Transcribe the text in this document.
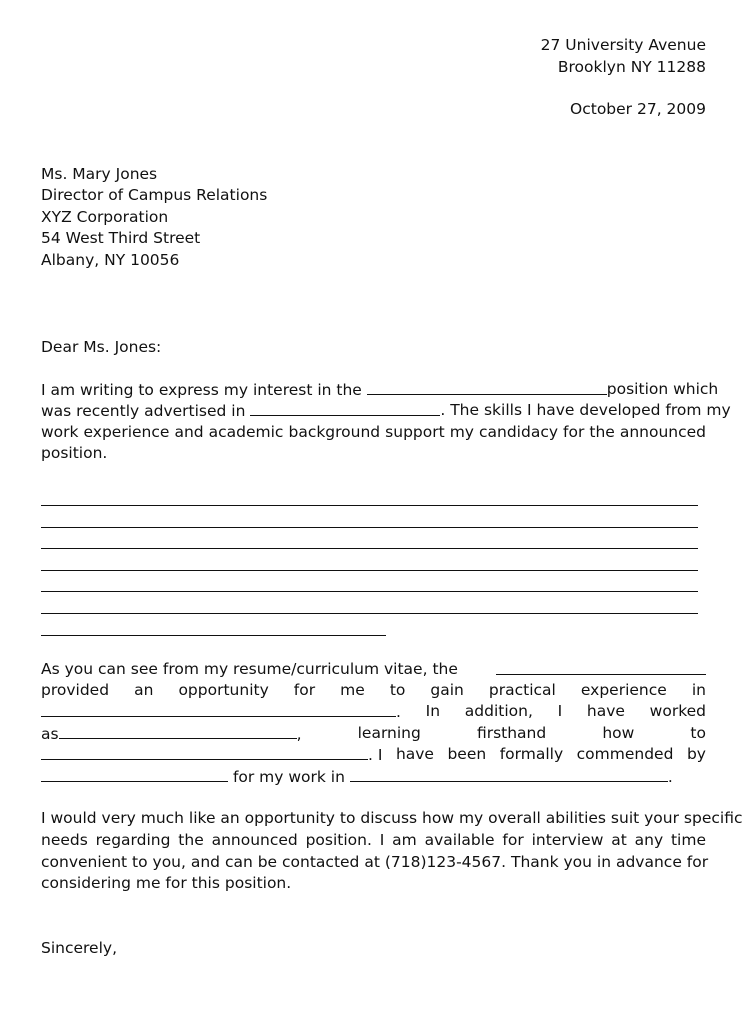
27 University Avenue
Brooklyn NY 11288
October 27, 2009
Ms. Mary Jones
Director of Campus Relations
XYZ Corporation
54 West Third Street
Albany, NY 10056
Dear Ms. Jones:
I am writing to express my interest in the	position which
was recently advertised in	. The skills I have developed from my
work experience and academic background support my candidacy for the announced
position.
As you can see from my resume/curriculum vitae, the
provided an opportunity for me to gain practical experience in
. In addition, I have worked
as	,	learning	firsthand	how	to
. I have been formally commended by
for my work in	.
I would very much like an opportunity to discuss how my overall abilities suit your specific
needs regarding the announced position. I am available for interview at any time
convenient to you, and can be contacted at (718)123-4567. Thank you in advance for
considering me for this position.
Sincerely,
